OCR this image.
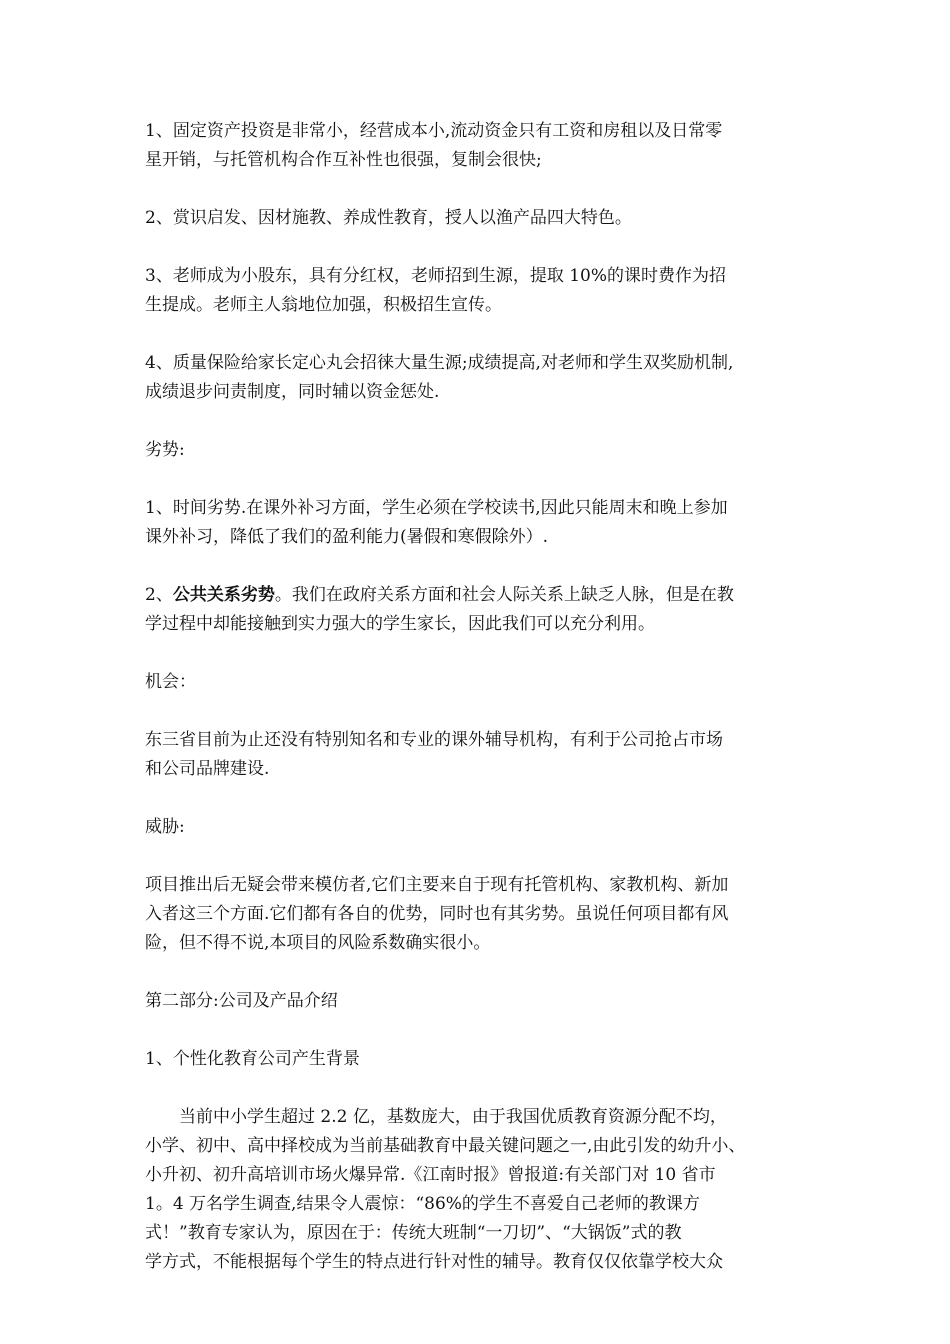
1、固定资产投资是非常小，经营成本小,流动资金只有工资和房租以及日常零
星开销，与托管机构合作互补性也很强，复制会很快;

2、赏识启发、因材施教、养成性教育，授人以渔产品四大特色。

3、老师成为小股东，具有分红权，老师招到生源，提取 10%的课时费作为招
生提成。老师主人翁地位加强，积极招生宣传。

4、质量保险给家长定心丸会招徕大量生源;成绩提高,对老师和学生双奖励机制,
成绩退步问责制度，同时辅以资金惩处.

劣势:

1、时间劣势.在课外补习方面，学生必须在学校读书,因此只能周末和晚上参加
课外补习，降低了我们的盈利能力(暑假和寒假除外）.

2、公共关系劣势。我们在政府关系方面和社会人际关系上缺乏人脉，但是在教
学过程中却能接触到实力强大的学生家长，因此我们可以充分利用。

机会：

东三省目前为止还没有特别知名和专业的课外辅导机构，有利于公司抢占市场
和公司品牌建设.

威胁:

项目推出后无疑会带来模仿者,它们主要来自于现有托管机构、家教机构、新加
入者这三个方面.它们都有各自的优势，同时也有其劣势。虽说任何项目都有风
险，但不得不说,本项目的风险系数确实很小。

第二部分:公司及产品介绍

1、个性化教育公司产生背景

当前中小学生超过 2.2 亿，基数庞大，由于我国优质教育资源分配不均，
小学、初中、高中择校成为当前基础教育中最关键问题之一,由此引发的幼升小、
小升初、初升高培训市场火爆异常.《江南时报》曾报道:有关部门对 10 省市
1。4 万名学生调查,结果令人震惊：“86%的学生不喜爱自己老师的教课方
式！”教育专家认为，原因在于：传统大班制“一刀切”、“大锅饭”式的教
学方式，不能根据每个学生的特点进行针对性的辅导。教育仅仅依靠学校大众
